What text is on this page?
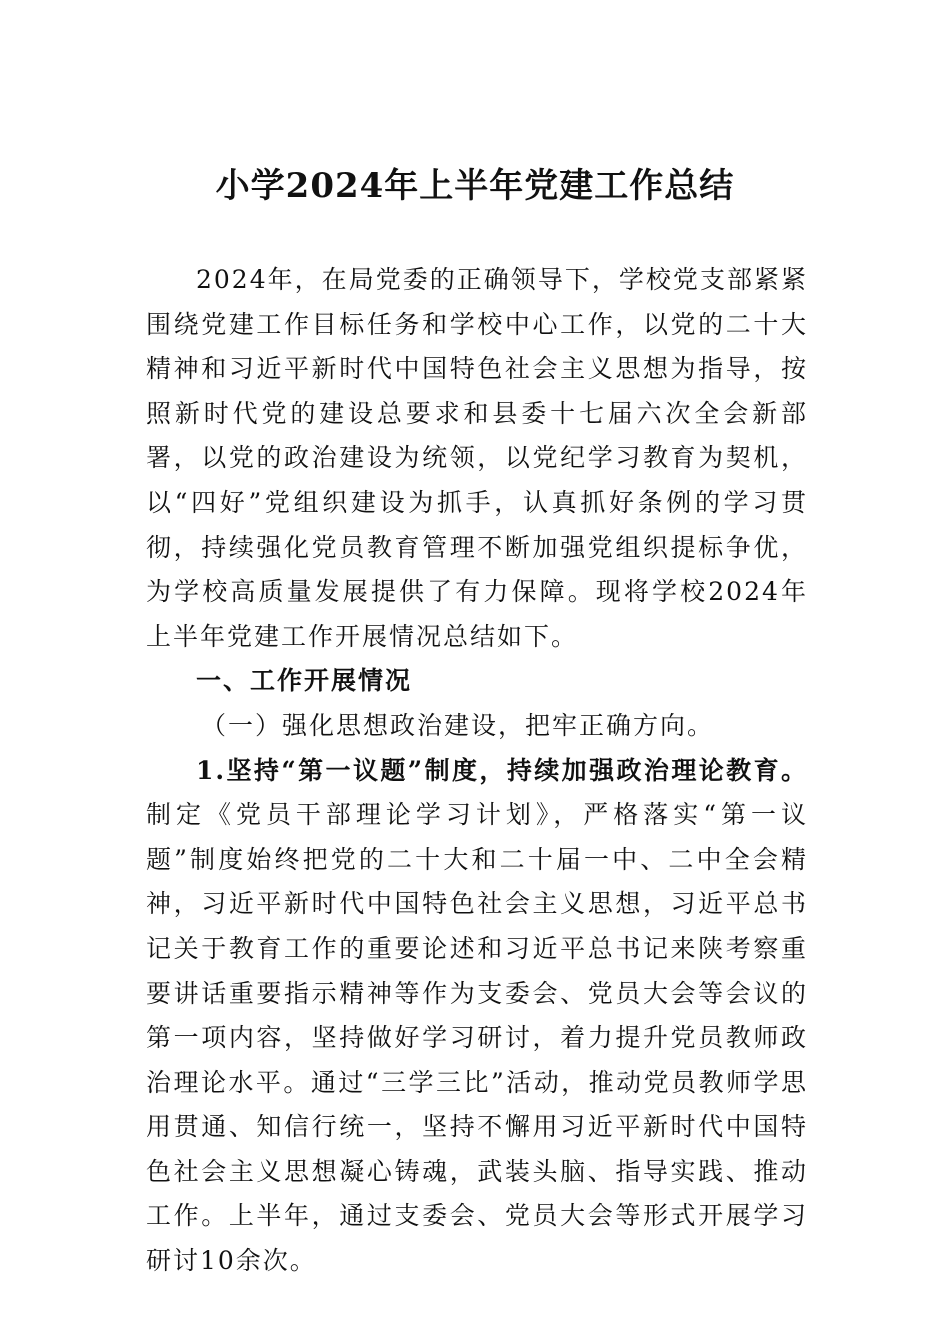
小学2024年上半年党建工作总结

2024年，在局党委的正确领导下，学校党支部紧紧围绕党建工作目标任务和学校中心工作，以党的二十大精神和习近平新时代中国特色社会主义思想为指导，按照新时代党的建设总要求和县委十七届六次全会新部署，以党的政治建设为统领，以党纪学习教育为契机，以“四好”党组织建设为抓手，认真抓好条例的学习贯彻，持续强化党员教育管理不断加强党组织提标争优，为学校高质量发展提供了有力保障。现将学校2024年上半年党建工作开展情况总结如下。

一、工作开展情况

（一）强化思想政治建设，把牢正确方向。

1.坚持“第一议题”制度，持续加强政治理论教育。制定《党员干部理论学习计划》，严格落实“第一议题”制度始终把党的二十大和二十届一中、二中全会精神，习近平新时代中国特色社会主义思想，习近平总书记关于教育工作的重要论述和习近平总书记来陕考察重要讲话重要指示精神等作为支委会、党员大会等会议的第一项内容，坚持做好学习研讨，着力提升党员教师政治理论水平。通过“三学三比”活动，推动党员教师学思用贯通、知信行统一，坚持不懈用习近平新时代中国特色社会主义思想凝心铸魂，武装头脑、指导实践、推动工作。上半年，通过支委会、党员大会等形式开展学习研讨10余次。
